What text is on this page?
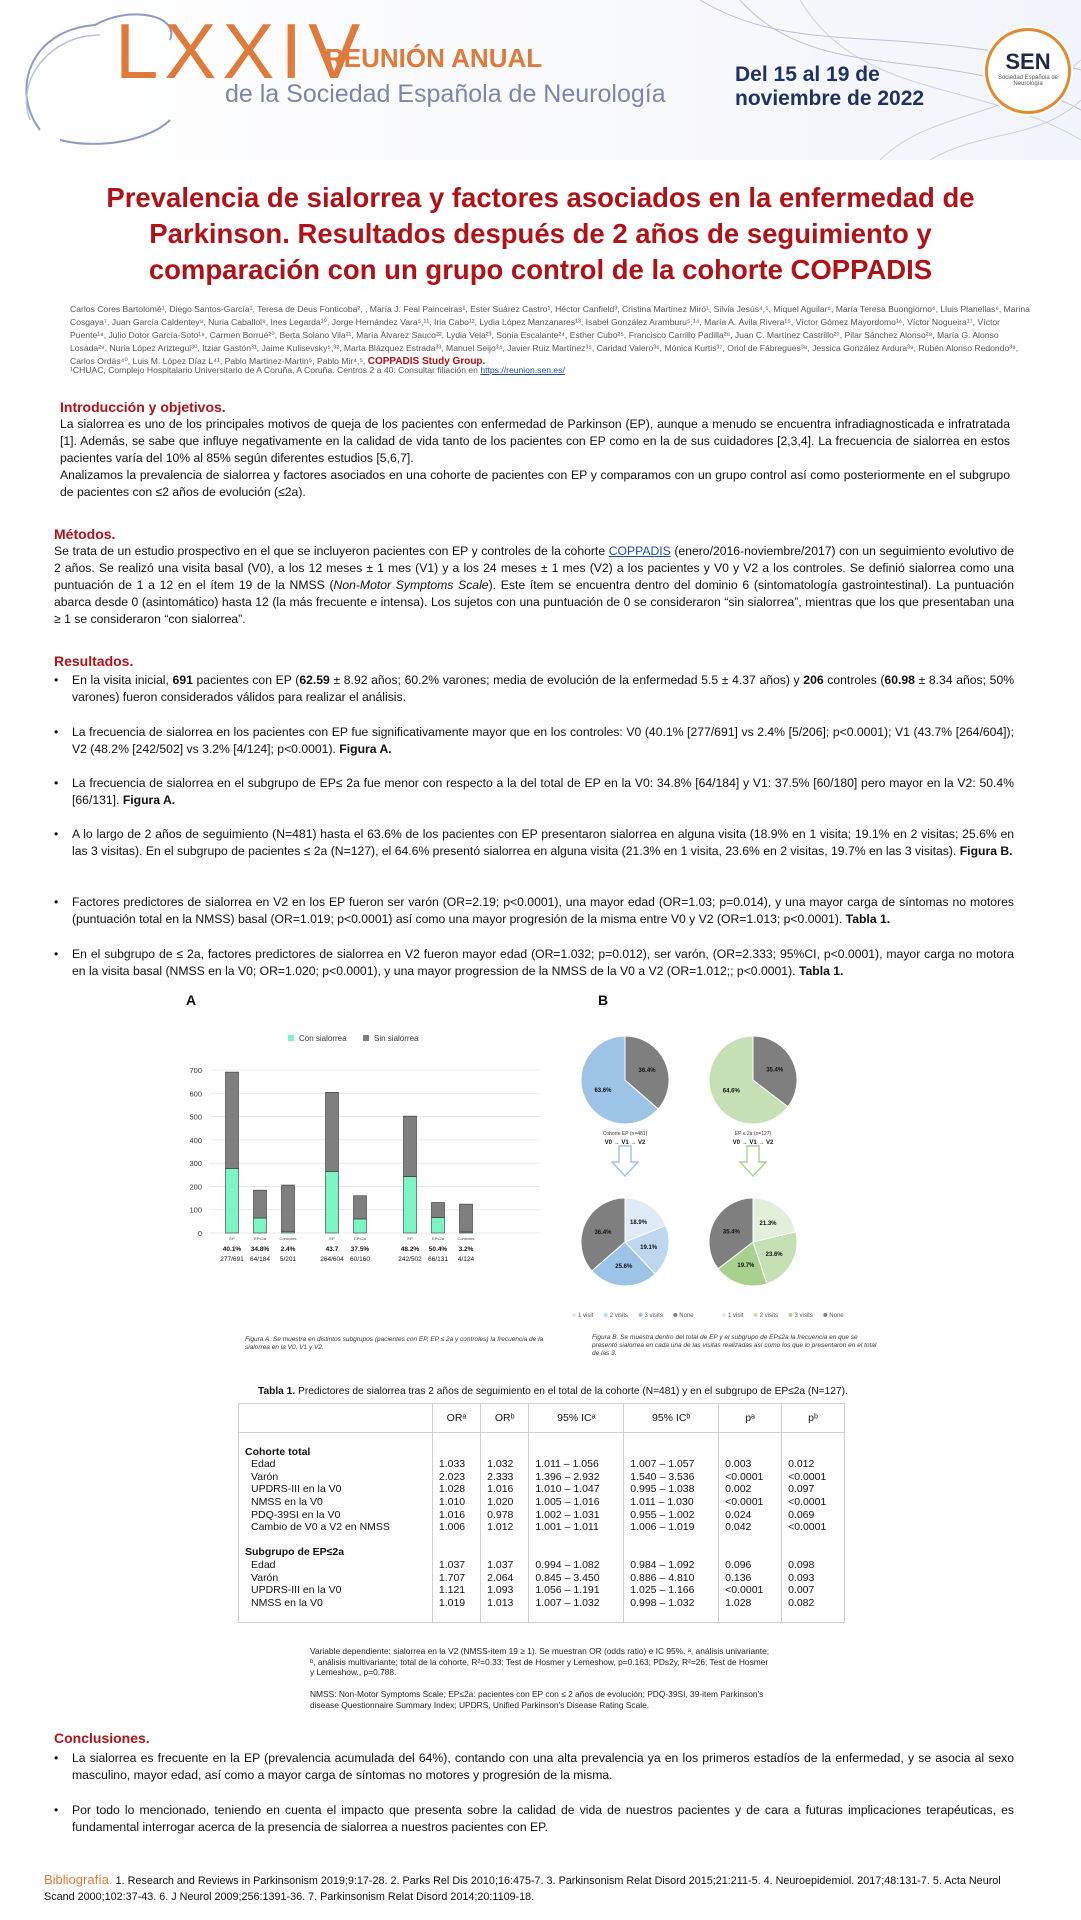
LXXIV
REUNIÓN ANUAL
de la Sociedad Española de Neurología
Del 15 al 19 de
noviembre de 2022
SEN
Sociedad Española de Neurología
Prevalencia de sialorrea y factores asociados en la enfermedad de Parkinson. Resultados después de 2 años de seguimiento y comparación con un grupo control de la cohorte COPPADIS
Carlos Cores Bartolomé¹, Diego Santos-García¹, Teresa de Deus Fonticoba², , María J. Feal Painceiras¹, Ester Suárez Castro¹, Héctor Canfield³, Cristina Martínez Miró¹, Silvia Jesús⁴,⁵, Miquel Aguilar⁶, María Teresa Buongiorno⁶, Lluis Planellas⁶, Marina Cosgaya⁷, Juan García Caldentey⁸, Nuria Caballol⁹, Ines Legarda¹⁰, Jorge Hernández Vara⁵,¹¹, Iria Cabo¹², Lydia López Manzanares¹³, Isabel González Aramburu⁵,¹⁴, María A. Ávila Rivera¹⁵, Víctor Gómez Mayordomo¹⁶, Víctor Nogueira¹⁷, Víctor Puente¹⁸, Julio Dotor García-Soto¹⁹, Carmen Borrué²⁰, Berta Solano Vila²¹, María Álvarez Sauco²², Lydia Vela²³, Sonia Escalante²⁴, Esther Cubo²⁵, Francisco Carrillo Padilla²⁶, Juan C. Martínez Castrillo²⁷, Pilar Sánchez Alonso²⁸, María G. Alonso Losada²⁹, Nuria López Ariztegui³⁰, Itziar Gastón³¹, Jaime Kulisevsky⁵,³², Marta Blázquez Estrada³³, Manuel Seijo³⁴, Javier Ruiz Martínez³⁵, Caridad Valero³⁶, Mónica Kurtis³⁷, Oriol de Fábregues³⁸, Jessica González Ardura³⁹, Rubén Alonso Redondo³⁹, Carlos Ordás⁴⁰, Luis M. López Díaz L⁴¹, Pablo Martinez-Martin⁵, Pablo Mir⁴,⁵, COPPADIS Study Group.
¹CHUAC, Complejo Hospitalario Universitario de A Coruña, A Coruña. Centros 2 a 40: Consultar filiación en https://reunion.sen.es/
Introducción y objetivos.

La sialorrea es uno de los principales motivos de queja de los pacientes con enfermedad de Parkinson (EP), aunque a menudo se encuentra infradiagnosticada e infratratada [1]. Además, se sabe que influye negativamente en la calidad de vida tanto de los pacientes con EP como en la de sus cuidadores [2,3,4]. La frecuencia de sialorrea en estos pacientes varía del 10% al 85% según diferentes estudios [5,6,7].

Analizamos la prevalencia de sialorrea y factores asociados en una cohorte de pacientes con EP y comparamos con un grupo control así como posteriormente en el subgrupo de pacientes con ≤2 años de evolución (≤2a).

Métodos.
Se trata de un estudio prospectivo en el que se incluyeron pacientes con EP y controles de la cohorte COPPADIS (enero/2016-noviembre/2017) con un seguimiento evolutivo de 2 años. Se realizó una visita basal (V0), a los 12 meses ± 1 mes (V1) y a los 24 meses ± 1 mes (V2) a los pacientes y V0 y V2 a los controles. Se definió sialorrea como una puntuación de 1 a 12 en el ítem 19 de la NMSS (Non-Motor Symptoms Scale). Este ítem se encuentra dentro del dominio 6 (sintomatología gastrointestinal). La puntuación abarca desde 0 (asintomático) hasta 12 (la más frecuente e intensa). Los sujetos con una puntuación de 0 se consideraron “sin sialorrea”, mientras que los que presentaban una ≥ 1 se consideraron “con sialorrea”.
Resultados.
• En la visita inicial, 691 pacientes con EP (62.59 ± 8.92 años; 60.2% varones; media de evolución de la enfermedad 5.5 ± 4.37 años) y 206 controles (60.98 ± 8.34 años; 50% varones) fueron considerados válidos para realizar el análisis.
• La frecuencia de sialorrea en los pacientes con EP fue significativamente mayor que en los controles: V0 (40.1% [277/691] vs 2.4% [5/206]; p<0.0001); V1 (43.7% [264/604]); V2 (48.2% [242/502] vs 3.2% [4/124]; p<0.0001). Figura A.
• La frecuencia de sialorrea en el subgrupo de EP≤ 2a fue menor con respecto a la del total de EP en la V0: 34.8% [64/184] y V1: 37.5% [60/180] pero mayor en la V2: 50.4% [66/131]. Figura A.
• A lo largo de 2 años de seguimiento (N=481) hasta el 63.6% de los pacientes con EP presentaron sialorrea en alguna visita (18.9% en 1 visita; 19.1% en 2 visitas; 25.6% en las 3 visitas). En el subgrupo de pacientes ≤ 2a (N=127), el 64.6% presentó sialorrea en alguna visita (21.3% en 1 visita, 23.6% en 2 visitas, 19.7% en las 3 visitas). Figura B.
• Factores predictores de sialorrea en V2 en los EP fueron ser varón (OR=2.19; p<0.0001), una mayor edad (OR=1.03; p=0.014), y una mayor carga de síntomas no motores (puntuación total en la NMSS) basal (OR=1.019; p<0.0001) así como una mayor progresión de la misma entre V0 y V2 (OR=1.013; p<0.0001). Tabla 1.
• En el subgrupo de ≤ 2a, factores predictores de sialorrea en V2 fueron mayor edad (OR=1.032; p=0.012), ser varón, (OR=2.333; 95%CI, p<0.0001), mayor carga no motora en la visita basal (NMSS en la V0; OR=1.020; p<0.0001), y una mayor progression de la NMSS de la V0 a V2 (OR=1.012;; p<0.0001). Tabla 1.
A
Con sialorrea	Sin sialorrea
0
100
200
300
400
500
600
700
EP
40.1%
277/691
EP≤2a
34.8%
64/184
Controles
2.4%
5/201
EP
43.7
264/604
EP≤2a
37.5%
60/160
EP
48.2%
242/502
EP≤2a
50.4%
66/131
Controles
3.2%
4/124
Figura A. Se muestra en distintos subgrupos (pacientes con EP, EP ≤ 2a y controles) la frecuencia de la sialorrea en la V0, V1 y V2.
B
63.6%
36.4%
Cohorte EP (n=481)
V0 → V1 → V2
64.6%
35.4%
EP ≤ 2a (n=127)
V0 → V1 → V2
18.9%
19.1%
25.6%
36.4%
21.3%
23.6%
19.7%
35.4%
1 visit	2 visits	3 visits	None	1 visit	2 visits	3 visits	None
Figura B. Se muestra dentro del total de EP y el subgrupo de EP≤2a la frecuencia en que se presentó sialorrea en cada una de las visitas realizadas así como los que lo presentaron en el total de las 3.
Tabla 1. Predictores de sialorrea tras 2 años de seguimiento en el total de la cohorte (N=481) y en el subgrupo de EP≤2a (N=127).
	ORᵃ	ORᵇ	95% ICᵃ	95% ICᵇ	pᵃ	pᵇ

Cohorte total						
Edad	1.033	1.032	1.011 – 1.056	1.007 – 1.057	0.003	0.012
Varón	2.023	2.333	1.396 – 2.932	1.540 – 3.536	<0.0001	<0.0001
UPDRS-III en la V0	1.028	1.016	1.010 – 1.047	0.995 – 1.038	0.002	0.097
NMSS en la V0	1.010	1.020	1.005 – 1.016	1.011 – 1.030	<0.0001	<0.0001
PDQ-39SI en la V0	1.016	0.978	1.002 – 1.031	0.955 – 1.002	0.024	0.069
Cambio de V0 a V2 en NMSS	1.006	1.012	1.001 – 1.011	1.006 – 1.019	0.042	<0.0001

Subgrupo de EP≤2a						
Edad	1.037	1.037	0.994 – 1.082	0.984 – 1.092	0.096	0.098
Varón	1.707	2.064	0.845 – 3.450	0.886 – 4.810	0.136	0.093
UPDRS-III en la V0	1.121	1.093	1.056 – 1.191	1.025 – 1.166	<0.0001	0.007
NMSS en la V0	1.019	1.013	1.007 – 1.032	0.998 – 1.032	1.028	0.082

Variable dependiente: sialorrea en la V2 (NMSS-item 19 ≥ 1). Se muestran OR (odds ratio) e IC 95%. ᵃ, análisis univariante; ᵇ, análisis multivariante; total de la cohorte, R²=0.33; Test de Hosmer y Lemeshow, p=0.163; PDs2y, R²=26; Test de Hosmer y Lemeshow., p=0.788.
NMSS: Non-Motor Symptoms Scale; EP≤2a: pacientes con EP con ≤ 2 años de evolución; PDQ-39SI, 39-item Parkinson's disease Questionnaire Summary Index; UPDRS, Unified Parkinson's Disease Rating Scale.
Conclusiones.
• La sialorrea es frecuente en la EP (prevalencia acumulada del 64%), contando con una alta prevalencia ya en los primeros estadíos de la enfermedad, y se asocia al sexo masculino, mayor edad, así como a mayor carga de síntomas no motores y progresión de la misma.
• Por todo lo mencionado, teniendo en cuenta el impacto que presenta sobre la calidad de vida de nuestros pacientes y de cara a futuras implicaciones terapéuticas, es fundamental interrogar acerca de la presencia de sialorrea a nuestros pacientes con EP.
Bibliografía. 1. Research and Reviews in Parkinsonism 2019;9:17-28. 2. Parks Rel Dis 2010;16:475-7. 3. Parkinsonism Relat Disord 2015;21:211-5. 4. Neuroepidemiol. 2017;48:131-7. 5. Acta Neurol Scand 2000;102:37-43. 6. J Neurol 2009;256:1391-36. 7. Parkinsonism Relat Disord 2014;20:1109-18.
